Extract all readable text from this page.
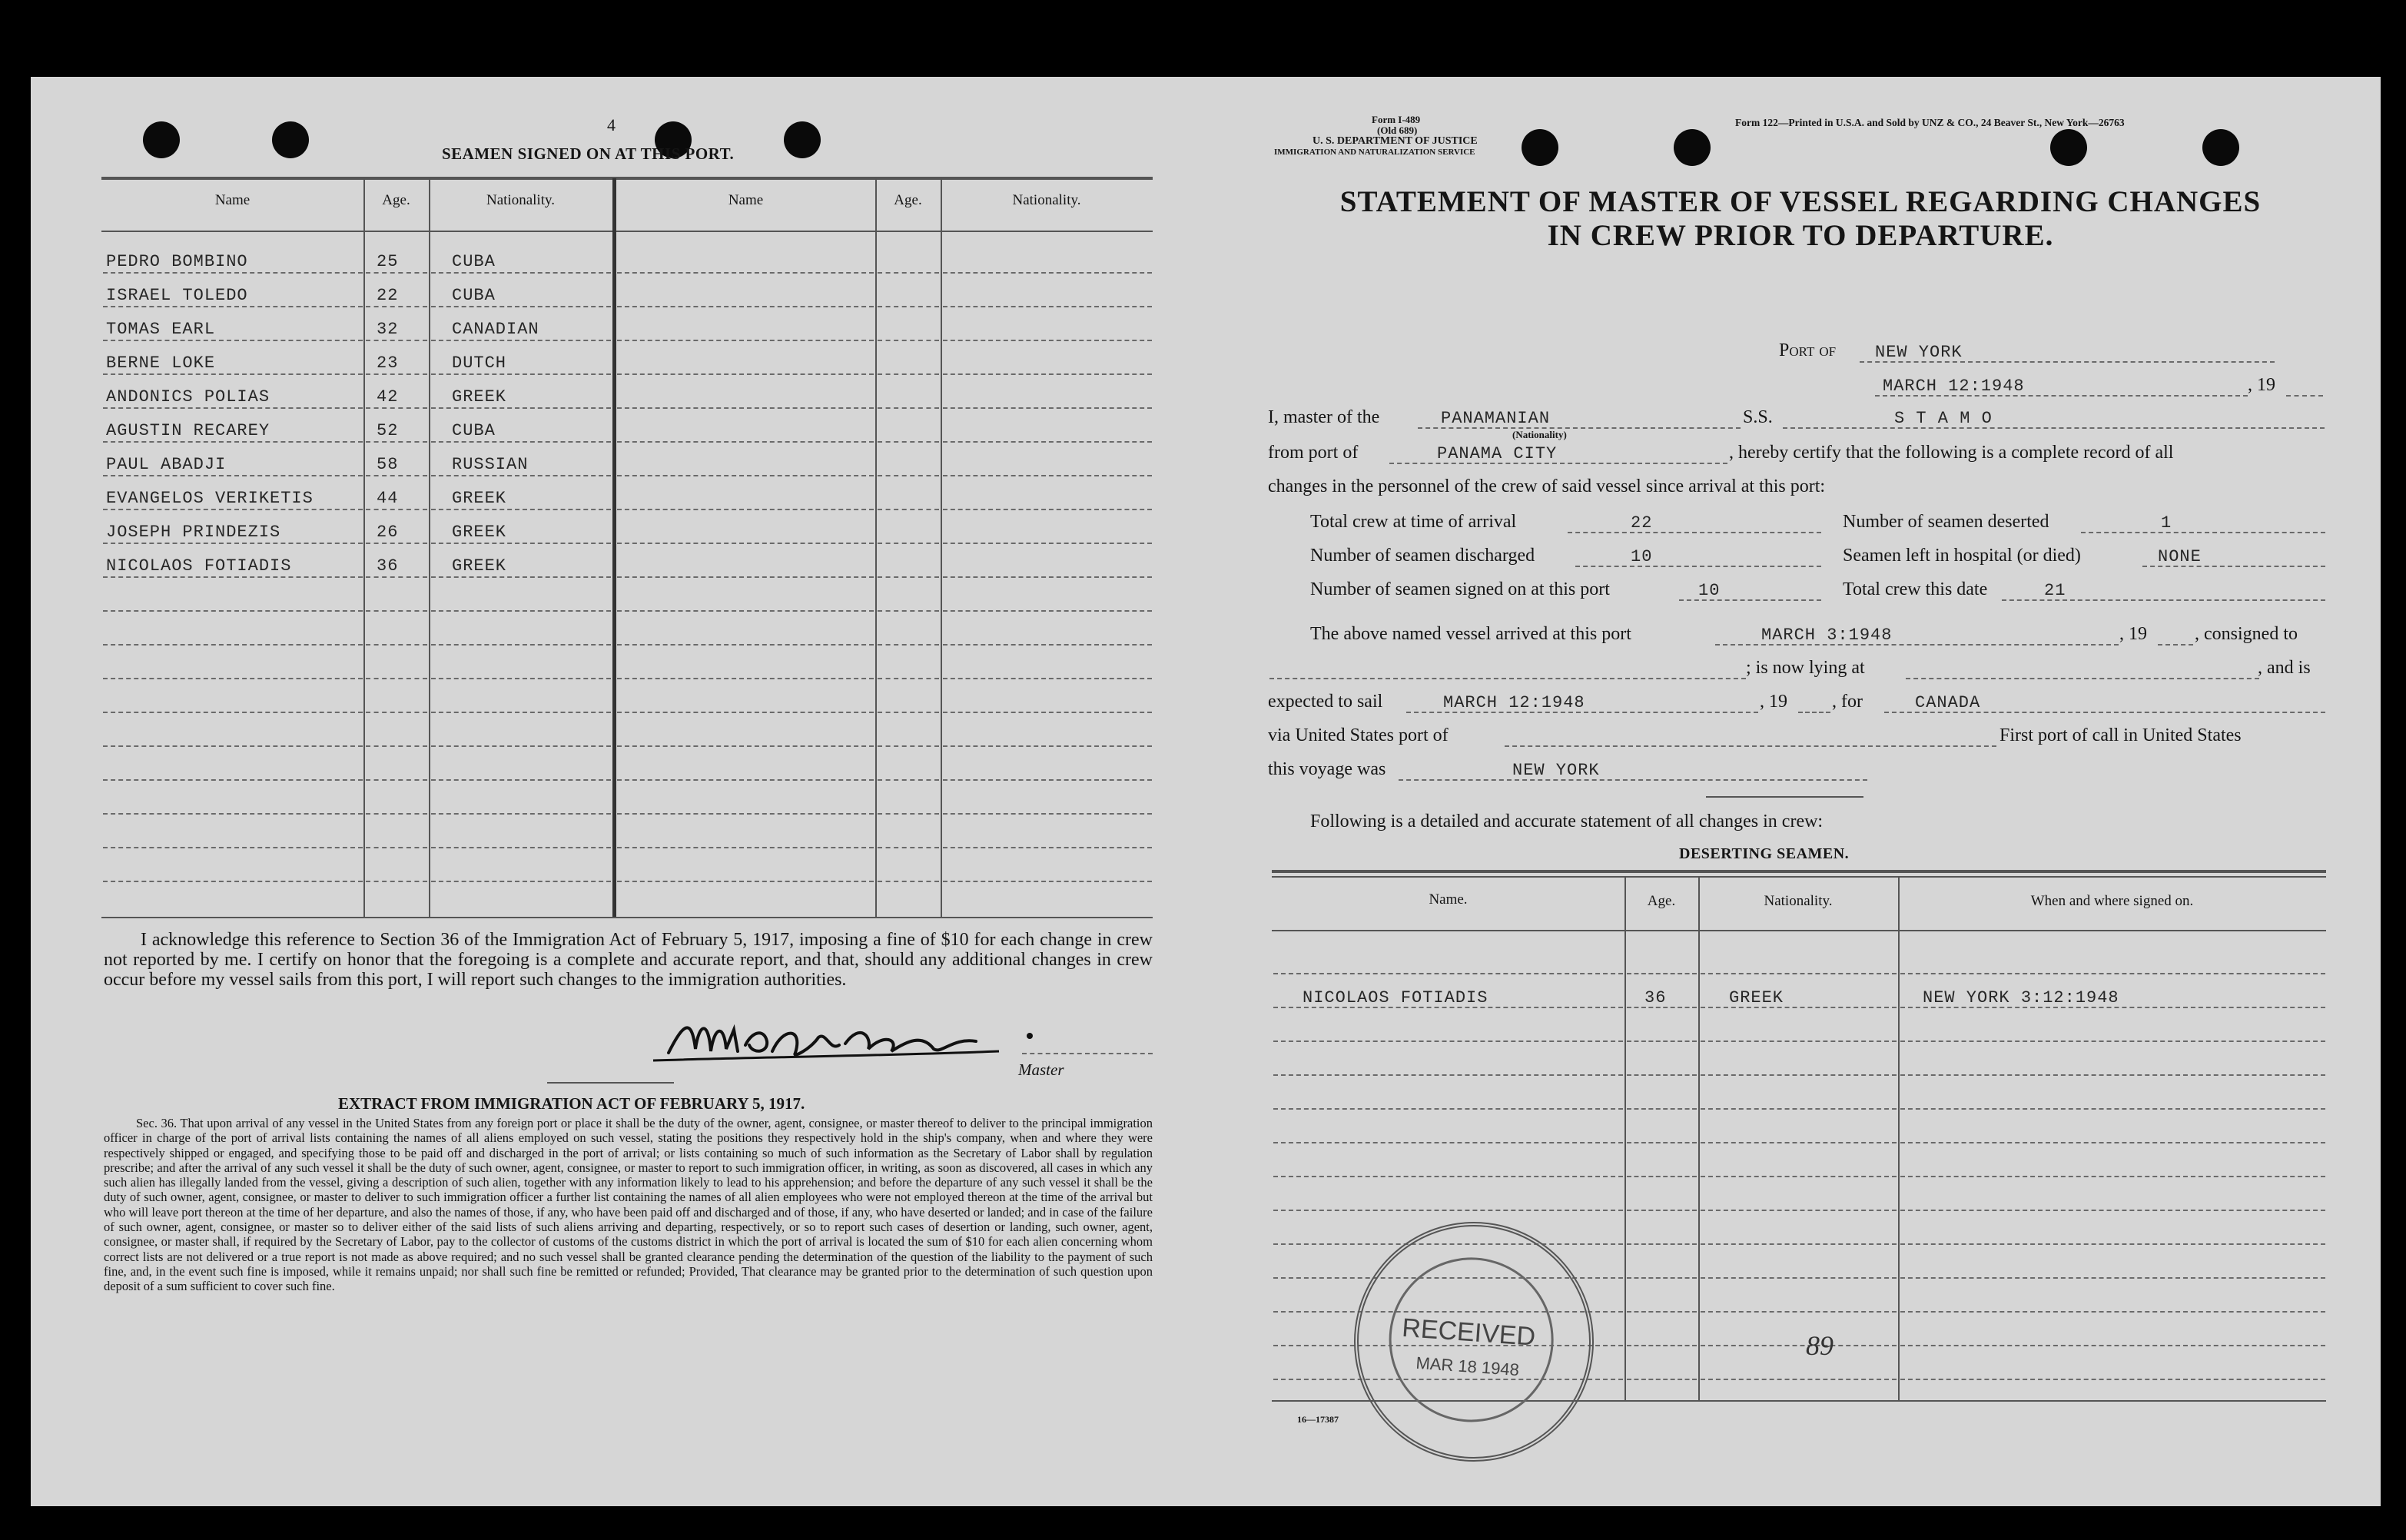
4
SEAMEN SIGNED ON AT THIS PORT.
Name	Age.	Nationality.	Name	Age.	Nationality.
PEDRO BOMBINO	25	CUBA
ISRAEL TOLEDO	22	CUBA
TOMAS EARL	32	CANADIAN
BERNE LOKE	23	DUTCH
ANDONICS POLIAS	42	GREEK
AGUSTIN RECAREY	52	CUBA
PAUL ABADJI	58	RUSSIAN
EVANGELOS VERIKETIS	44	GREEK
JOSEPH PRINDEZIS	26	GREEK
NICOLAOS FOTIADIS	36	GREEK
I acknowledge this reference to Section 36 of the Immigration Act of February 5, 1917, imposing a fine of $10 for each change in crew not reported by me. I certify on honor that the foregoing is a complete and accurate report, and that, should any additional changes in crew occur before my vessel sails from this port, I will report such changes to the immigration authorities.
Master
EXTRACT FROM IMMIGRATION ACT OF FEBRUARY 5, 1917.
Sec. 36. That upon arrival of any vessel in the United States from any foreign port or place it shall be the duty of the owner, agent, consignee, or master thereof to deliver to the principal immigration officer in charge of the port of arrival lists containing the names of all aliens employed on such vessel, stating the positions they respectively hold in the ship's company, when and where they were respectively shipped or engaged, and specifying those to be paid off and discharged in the port of arrival; or lists containing so much of such information as the Secretary of Labor shall by regulation prescribe; and after the arrival of any such vessel it shall be the duty of such owner, agent, consignee, or master to report to such immigration officer, in writing, as soon as discovered, all cases in which any such alien has illegally landed from the vessel, giving a description of such alien, together with any information likely to lead to his apprehension; and before the departure of any such vessel it shall be the duty of such owner, agent, consignee, or master to deliver to such immigration officer a further list containing the names of all alien employees who were not employed thereon at the time of the arrival but who will leave port thereon at the time of her departure, and also the names of those, if any, who have been paid off and discharged and of those, if any, who have deserted or landed; and in case of the failure of such owner, agent, consignee, or master so to deliver either of the said lists of such aliens arriving and departing, respectively, or so to report such cases of desertion or landing, such owner, agent, consignee, or master shall, if required by the Secretary of Labor, pay to the collector of customs of the customs district in which the port of arrival is located the sum of $10 for each alien concerning whom correct lists are not delivered or a true report is not made as above required; and no such vessel shall be granted clearance pending the determination of the question of the liability to the payment of such fine, and, in the event such fine is imposed, while it remains unpaid; nor shall such fine be remitted or refunded; Provided, That clearance may be granted prior to the determination of such question upon deposit of a sum sufficient to cover such fine.
Form I-489
(Old 689)
U. S. DEPARTMENT OF JUSTICE
IMMIGRATION AND NATURALIZATION SERVICE
Form 122—Printed in U.S.A. and Sold by UNZ & CO., 24 Beaver St., New York—26763
STATEMENT OF MASTER OF VESSEL REGARDING CHANGES
IN CREW PRIOR TO DEPARTURE.
Port of NEW YORK
MARCH 12:1948	, 19
I, master of the	PANAMANIAN
(Nationality)
S.S.	S T A M O
from port of	PANAMA CITY	, hereby certify that the following is a complete record of all
changes in the personnel of the crew of said vessel since arrival at this port:
Total crew at time of arrival	22	Number of seamen deserted	1
Number of seamen discharged	10	Seamen left in hospital (or died)	NONE
Number of seamen signed on at this port	10	Total crew this date	21
The above named vessel arrived at this port	MARCH 3:1948	, 19	, consigned to
; is now lying at	, and is
expected to sail	MARCH 12:1948	, 19 , for	CANADA
via United States port of	First port of call in United States
this voyage was	NEW YORK
Following is a detailed and accurate statement of all changes in crew:
DESERTING SEAMEN.
Name.	Age.	Nationality.	When and where signed on.
NICOLAOS FOTIADIS	36	GREEK	NEW YORK 3:12:1948
RECEIVED
MAR 18 1948
89
16—17387
